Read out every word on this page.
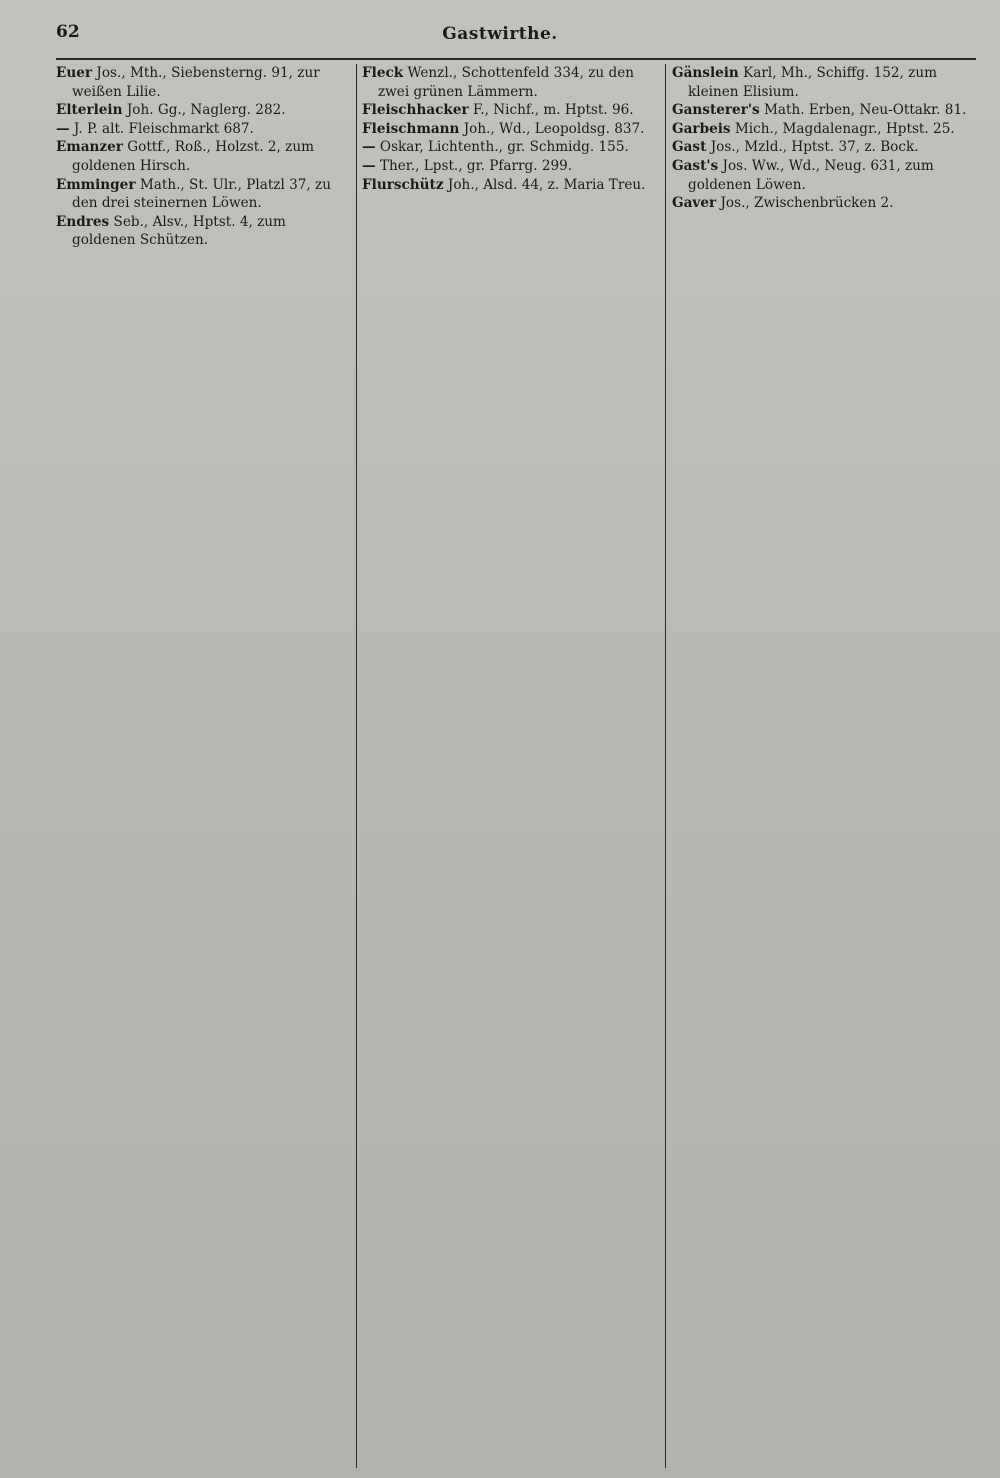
62	Gastwirthe.

Euer Jos., Mth., Siebensterng. 91, zur weißen Lilie.

Elterlein Joh. Gg., Naglerg. 282.

— J. P. alt. Fleischmarkt 687.

Emanzer Gottf., Roß., Holzst. 2, zum goldenen Hirsch.

Emminger Math., St. Ulr., Platzl 37, zu den drei steinernen Löwen.

Endres Seb., Alsv., Hptst. 4, zum goldenen Schützen.

Fleck Wenzl., Schottenfeld 334, zu den zwei grünen Lämmern.

Fleischhacker F., Nichf., m. Hptst. 96.

Fleischmann Joh., Wd., Leopoldsg. 837.

— Oskar, Lichtenth., gr. Schmidg. 155.

— Ther., Lpst., gr. Pfarrg. 299.

Flurschütz Joh., Alsd. 44, z. Maria Treu.

Gänslein Karl, Mh., Schiffg. 152, zum kleinen Elisium.

Gansterer's Math. Erben, Neu-Ottakr. 81.

Garbeis Mich., Magdalenagr., Hptst. 25.

Gast Jos., Mzld., Hptst. 37, z. Bock.

Gast's Jos. Ww., Wd., Neug. 631, zum goldenen Löwen.

Gaver Jos., Zwischenbrücken 2.
